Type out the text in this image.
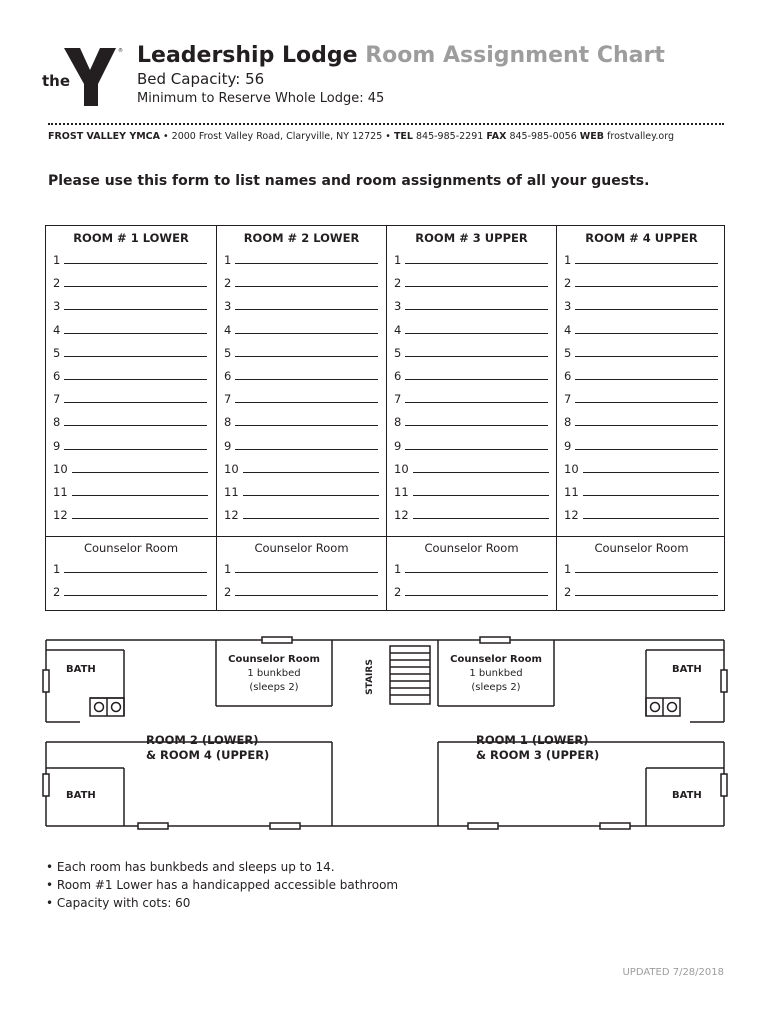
YMCA
®
the
Leadership Lodge Room Assignment Chart
Bed Capacity: 56
Minimum to Reserve Whole Lodge: 45
FROST VALLEY YMCA • 2000 Frost Valley Road, Claryville, NY 12725 • TEL 845-985-2291 FAX 845-985-0056 WEB frostvalley.org
Please use this form to list names and room assignments of all your guests.
ROOM # 1 LOWER
1
2
3
4
5
6
7
8
9
10
11
12
Counselor Room
1
2
ROOM # 2 LOWER
1
2
3
4
5
6
7
8
9
10
11
12
Counselor Room
1
2
ROOM # 3 UPPER
1
2
3
4
5
6
7
8
9
10
11
12
Counselor Room
1
2
ROOM # 4 UPPER
1
2
3
4
5
6
7
8
9
10
11
12
Counselor Room
1
2
BATH	BATH
BATH	BATH
Counselor Room
1 bunkbed
(sleeps 2)
Counselor Room
1 bunkbed
(sleeps 2)
STAIRS
ROOM 2 (LOWER)
& ROOM 4 (UPPER)
ROOM 1 (LOWER)
& ROOM 3 (UPPER)
• Each room has bunkbeds and sleeps up to 14.
• Room #1 Lower has a handicapped accessible bathroom
• Capacity with cots: 60
UPDATED 7/28/2018
